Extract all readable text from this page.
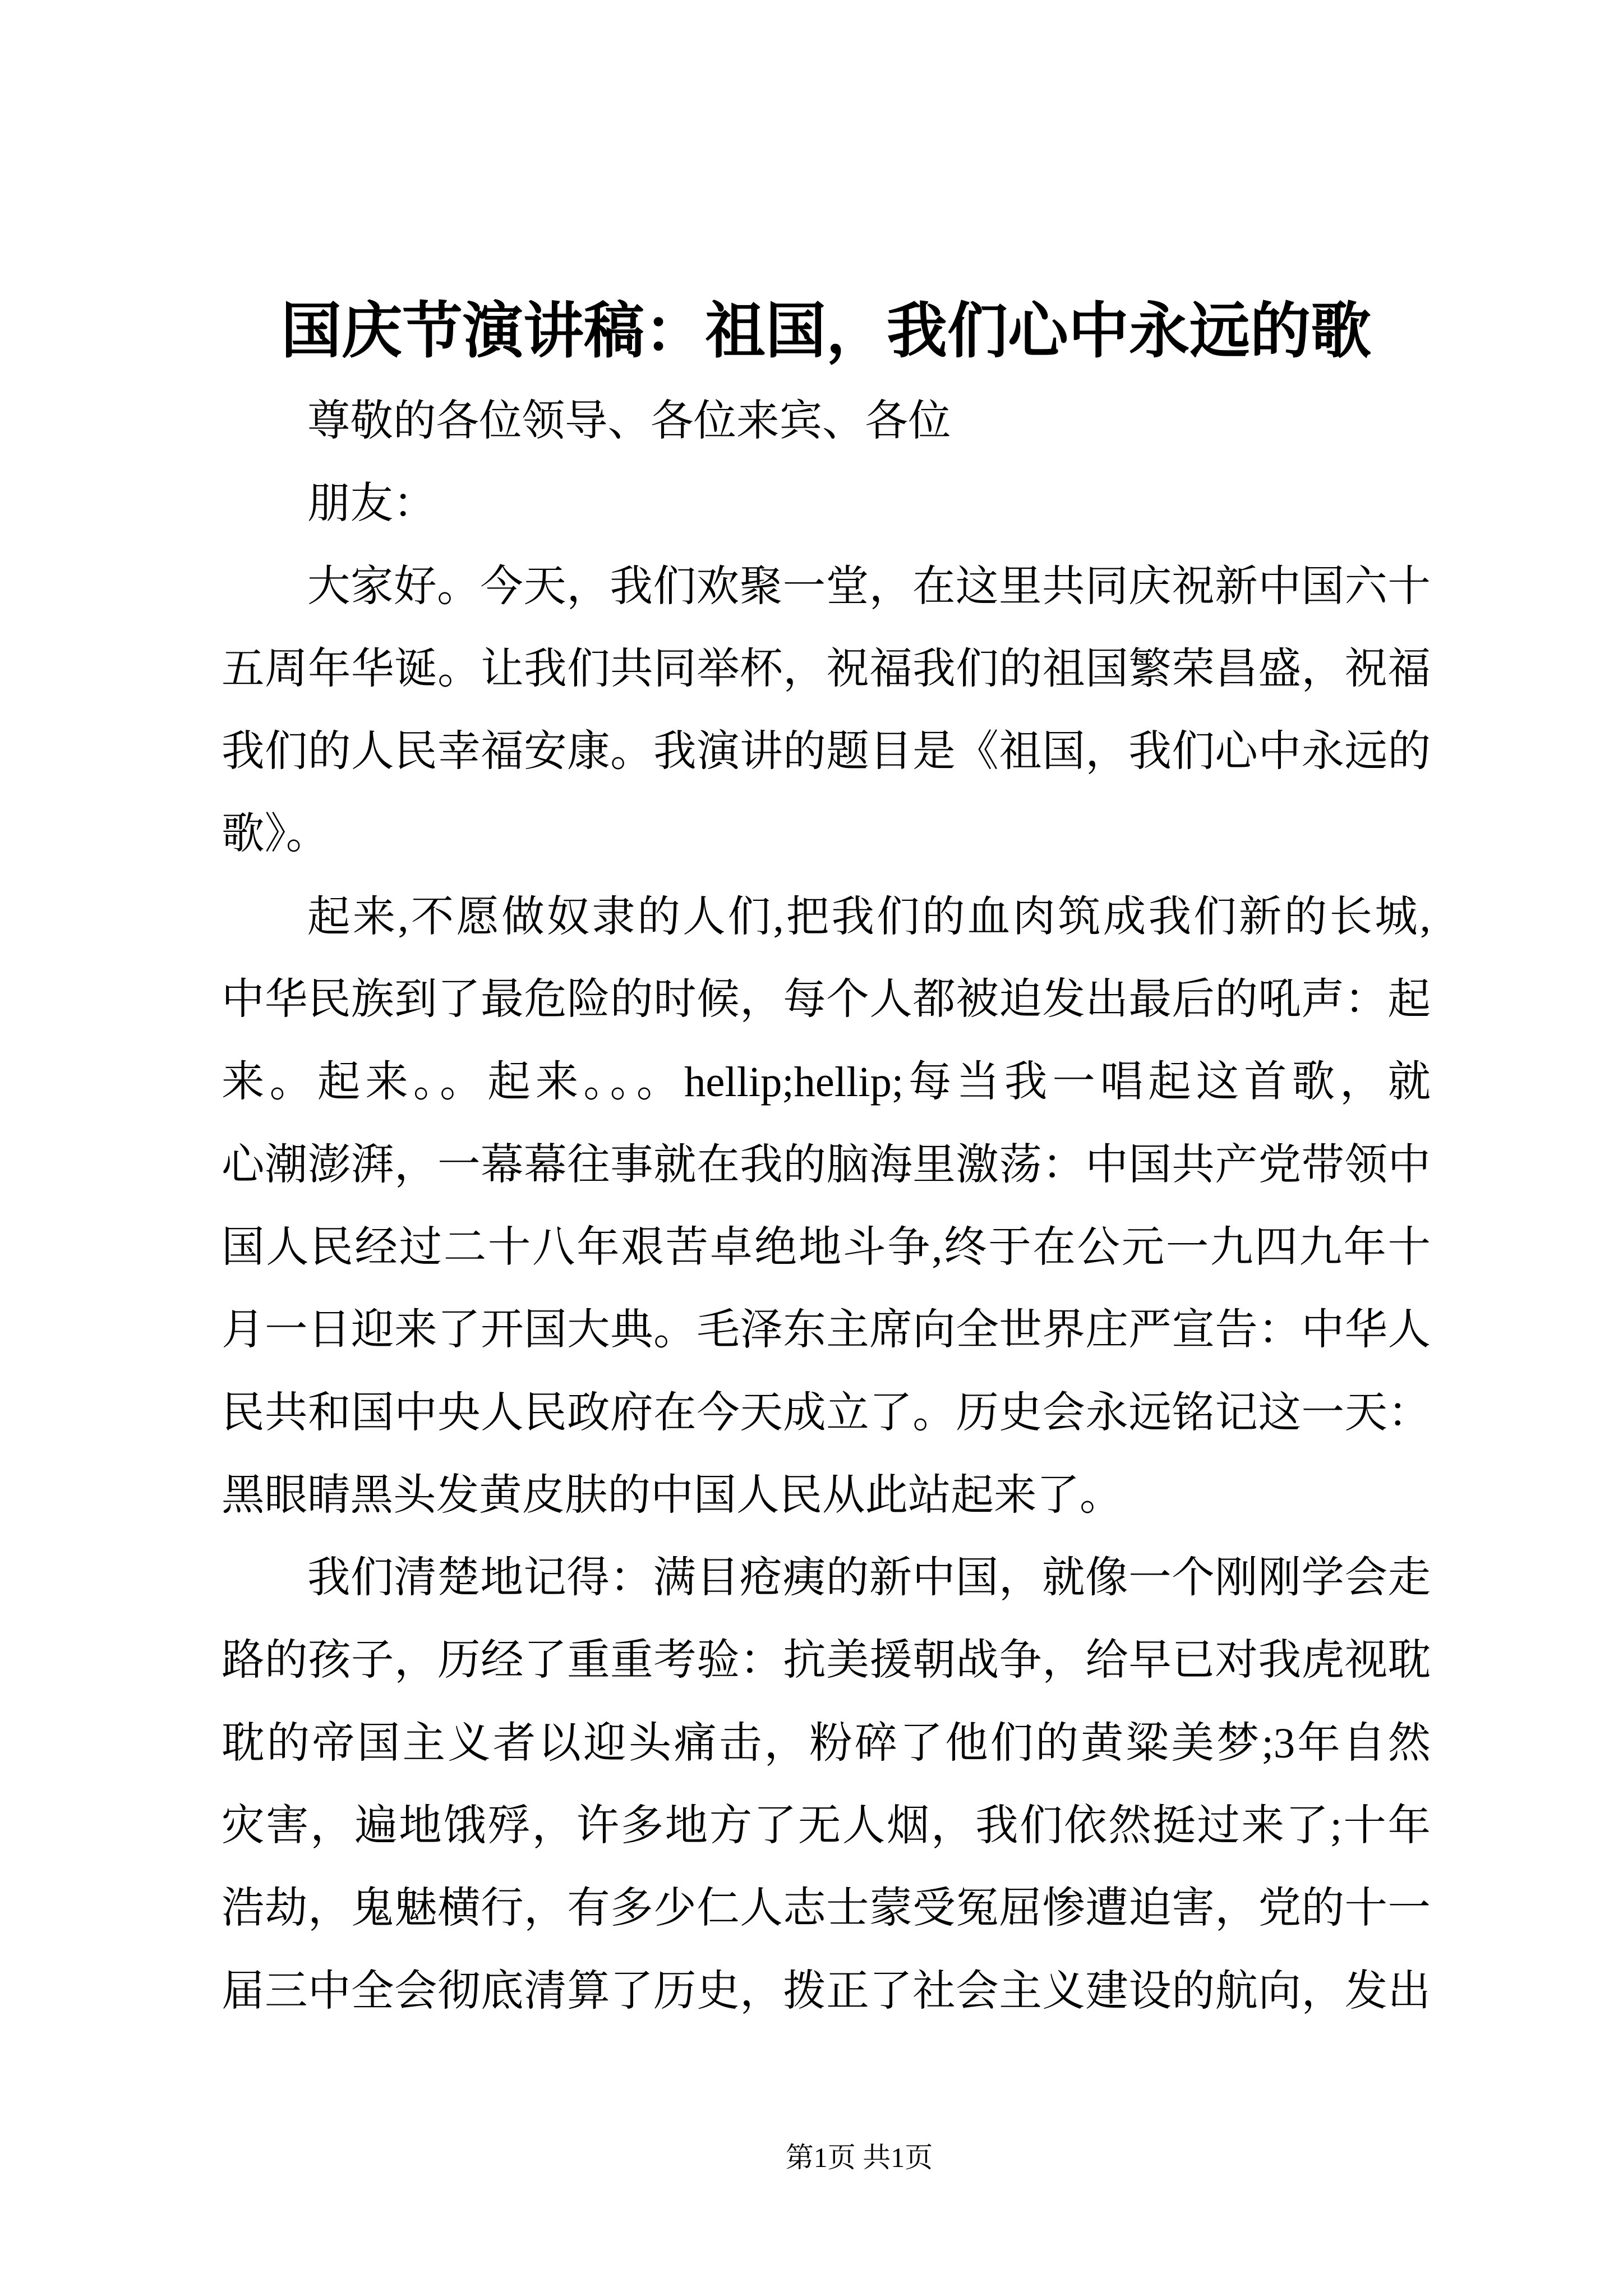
国庆节演讲稿：祖国，我们心中永远的歌
尊敬的各位领导、各位来宾、各位
朋友：
大家好。今天，我们欢聚一堂，在这里共同庆祝新中国六十
五周年华诞。让我们共同举杯，祝福我们的祖国繁荣昌盛，祝福
我们的人民幸福安康。我演讲的题目是《祖国，我们心中永远的
歌》。
起来,不愿做奴隶的人们,把我们的血肉筑成我们新的长城,
中华民族到了最危险的时候，每个人都被迫发出最后的吼声：起
来。起来。。起来。。。hellip;hellip;每当我一唱起这首歌，就
心潮澎湃，一幕幕往事就在我的脑海里激荡：中国共产党带领中
国人民经过二十八年艰苦卓绝地斗争,终于在公元一九四九年十
月一日迎来了开国大典。毛泽东主席向全世界庄严宣告：中华人
民共和国中央人民政府在今天成立了。历史会永远铭记这一天：
黑眼睛黑头发黄皮肤的中国人民从此站起来了。
我们清楚地记得：满目疮痍的新中国，就像一个刚刚学会走
路的孩子，历经了重重考验：抗美援朝战争，给早已对我虎视耽
耽的帝国主义者以迎头痛击，粉碎了他们的黄粱美梦;3年自然
灾害，遍地饿殍，许多地方了无人烟，我们依然挺过来了;十年
浩劫，鬼魅横行，有多少仁人志士蒙受冤屈惨遭迫害，党的十一
届三中全会彻底清算了历史，拨正了社会主义建设的航向，发出
第1页 共1页
